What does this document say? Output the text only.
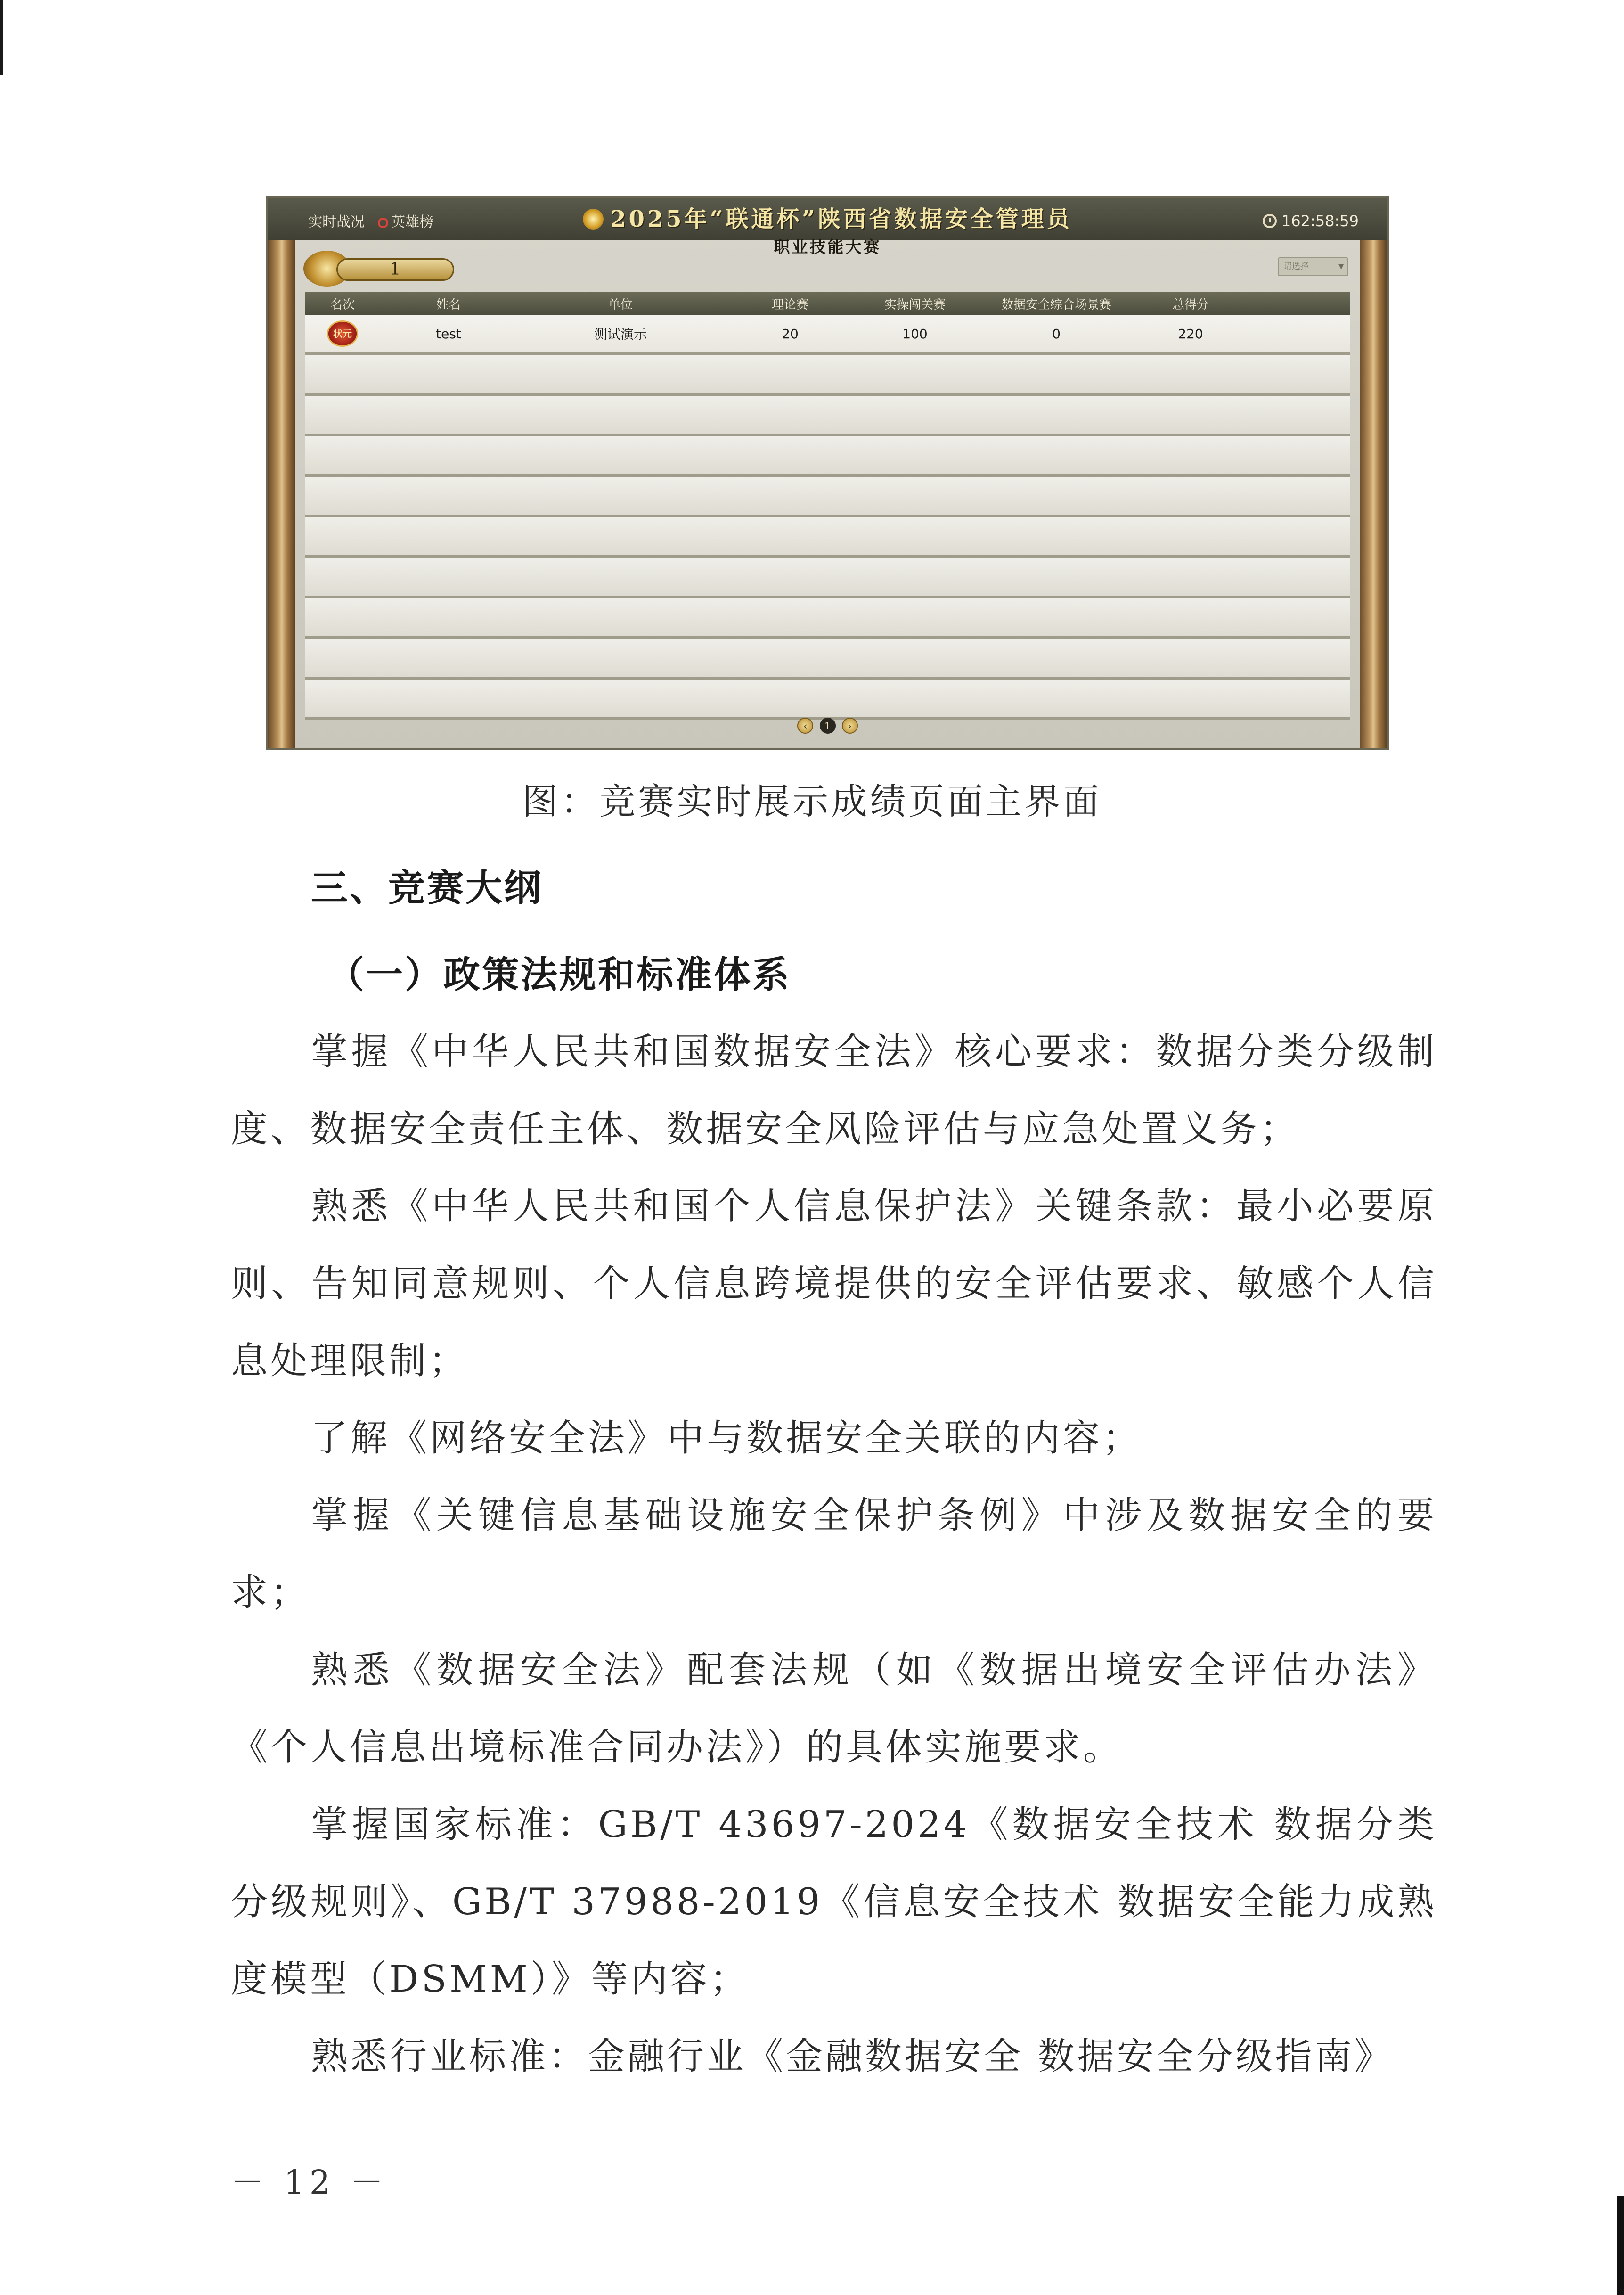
实时战况	英雄榜	2025年“联通杯”陕西省数据安全管理员
职业技能大赛
162:58:59
1	请选择 ▼
名次	姓名	单位	理论赛	实操闯关赛	数据安全综合场景赛	总得分
状元	test	测试演示	20	100	0	220
‹ 1 ›
图：竞赛实时展示成绩页面主界面
三、竞赛大纲
（一）政策法规和标准体系
掌握《中华人民共和国数据安全法》核心要求：数据分类分级制度、数据安全责任主体、数据安全风险评估与应急处置义务；
熟悉《中华人民共和国个人信息保护法》关键条款：最小必要原则、告知同意规则、个人信息跨境提供的安全评估要求、敏感个人信息处理限制；
了解《网络安全法》中与数据安全关联的内容；
掌握《关键信息基础设施安全保护条例》中涉及数据安全的要求；
熟悉《数据安全法》配套法规（如《数据出境安全评估办法》《个人信息出境标准合同办法》）的具体实施要求。
掌握国家标准：GB/T 43697-2024《数据安全技术 数据分类分级规则》、GB/T 37988-2019《信息安全技术 数据安全能力成熟度模型（DSMM）》等内容；
熟悉行业标准：金融行业《金融数据安全 数据安全分级指南》
－ 12 －
